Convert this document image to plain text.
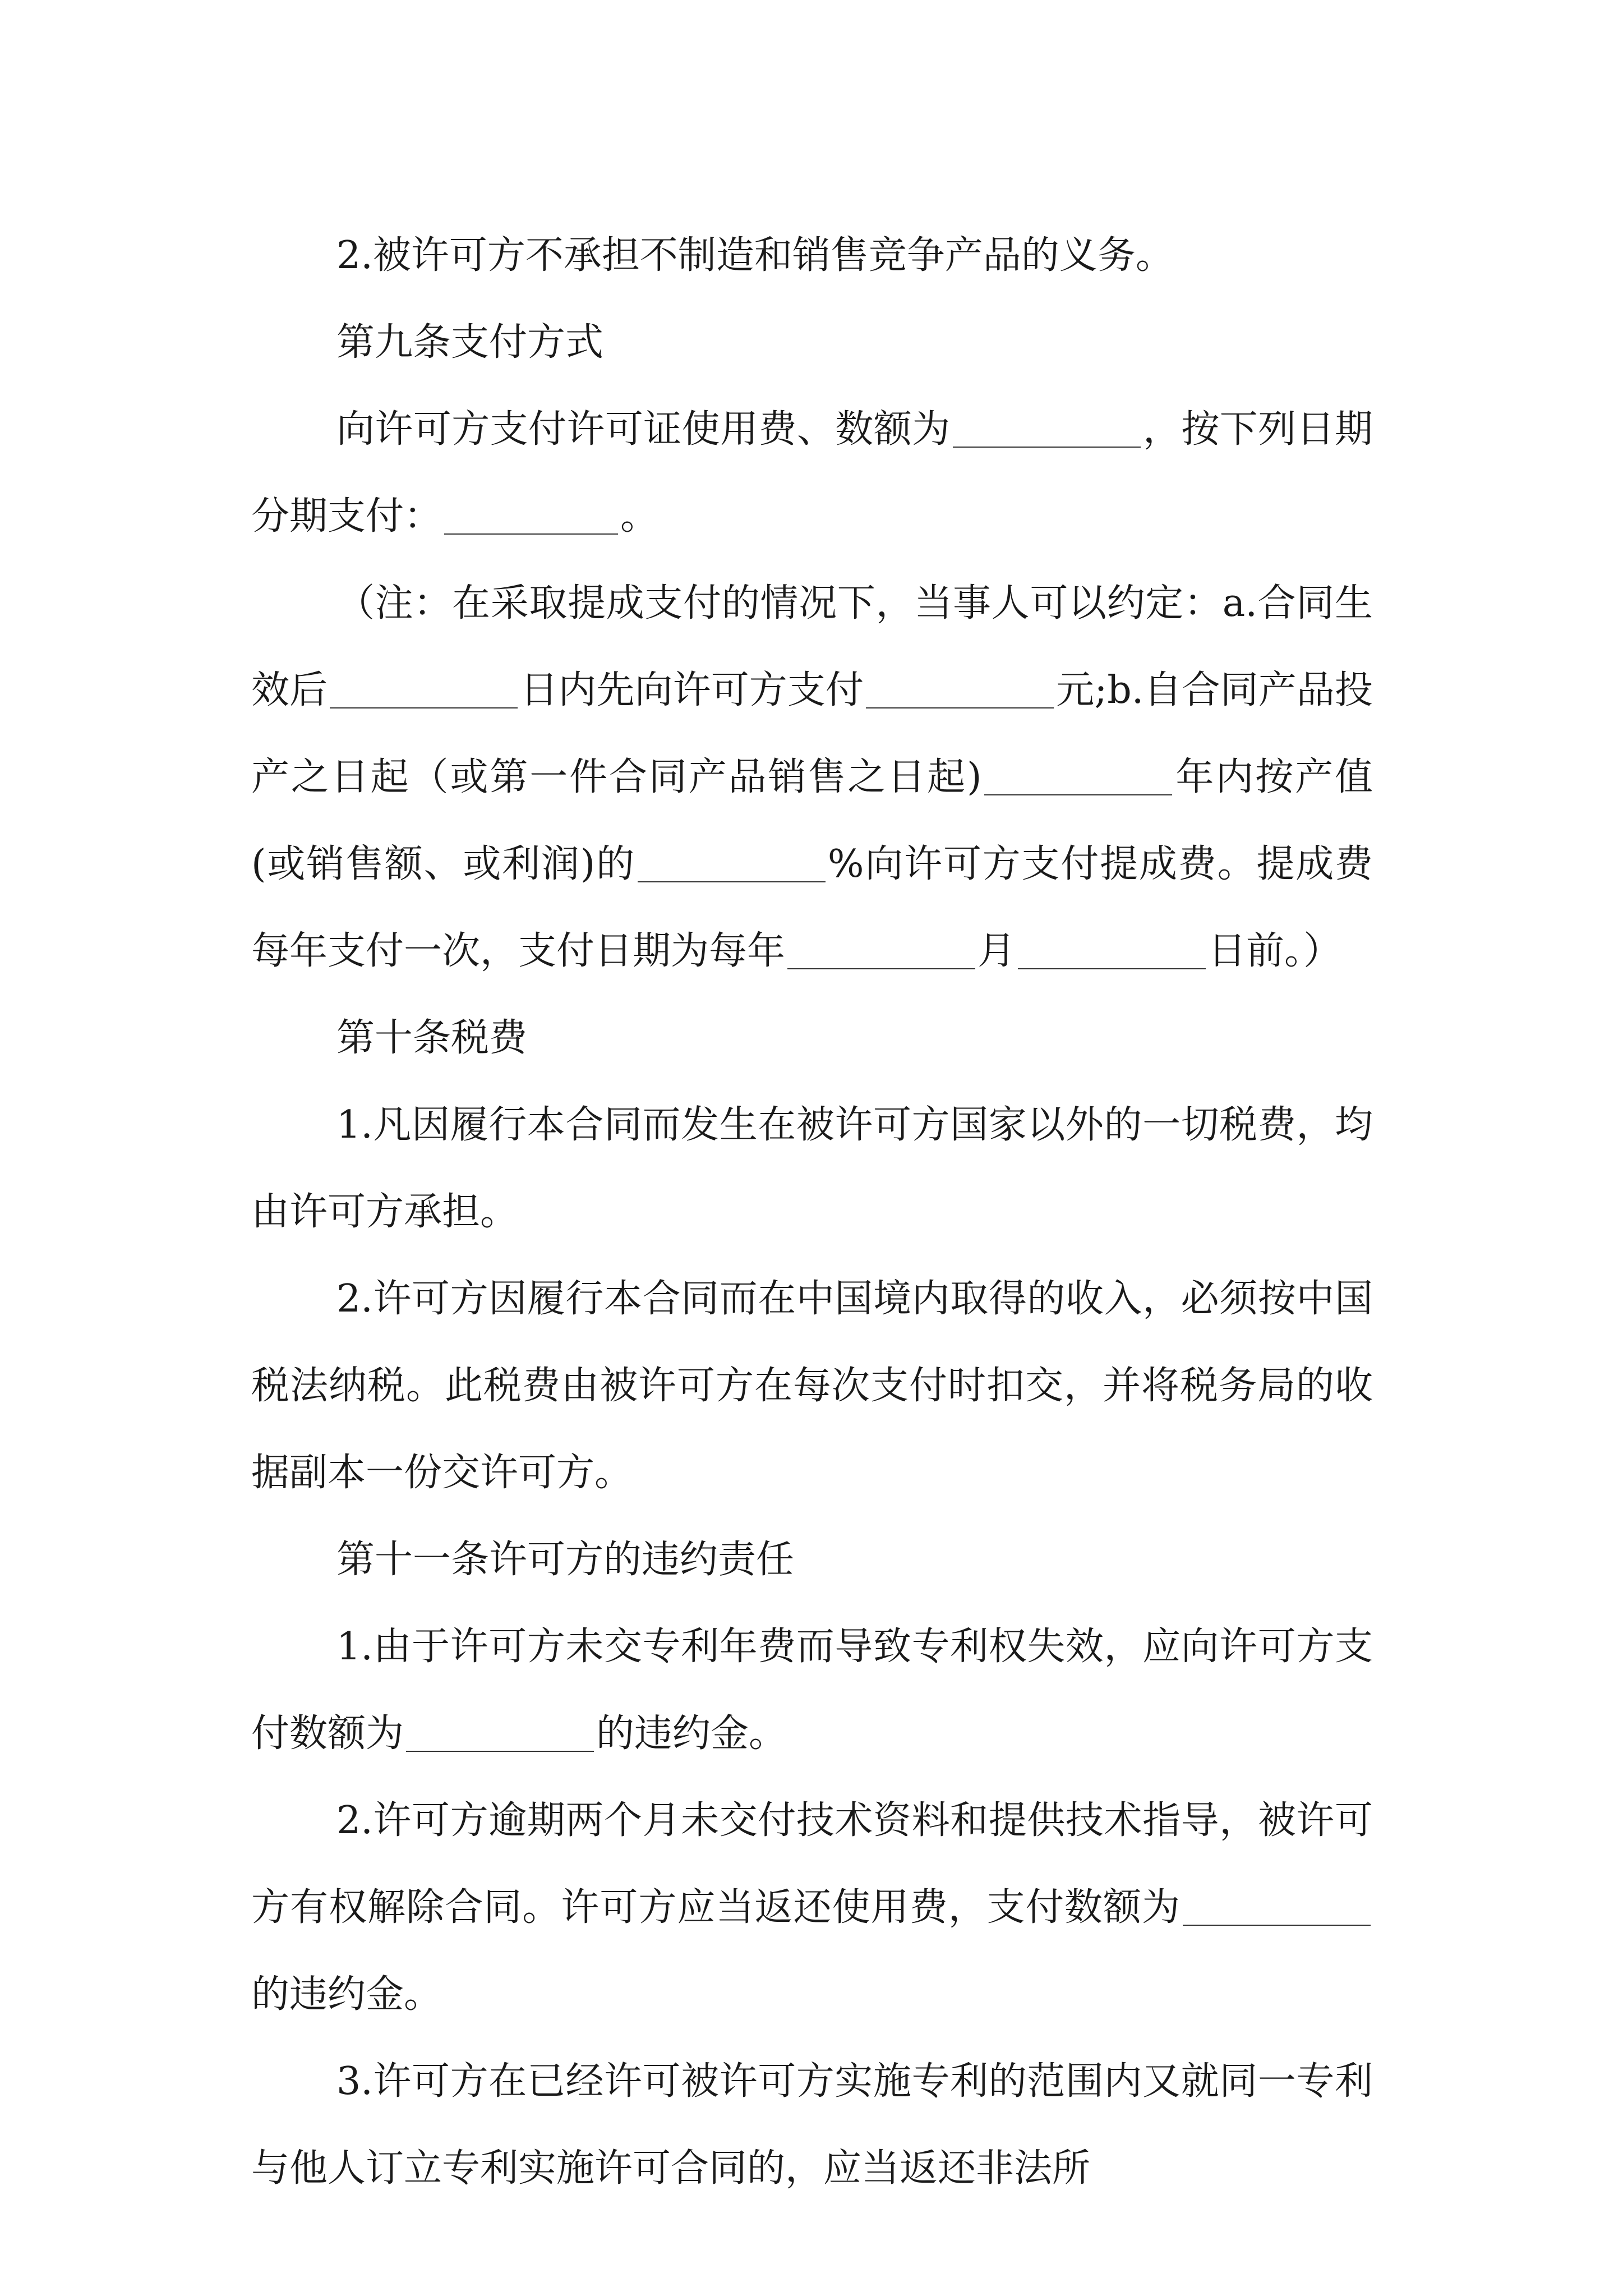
2.被许可方不承担不制造和销售竞争产品的义务。

第九条支付方式

向许可方支付许可证使用费、数额为	，按下列日期分期支付：	。

（注：在采取提成支付的情况下，当事人可以约定：a.合同生效后	日内先向许可方支付	元;b.自合同产品投产之日起（或第一件合同产品销售之日起)	年内按产值(或销售额、或利润)的	%向许可方支付提成费。提成费每年支付一次，支付日期为每年	月	日前。）

第十条税费

1.凡因履行本合同而发生在被许可方国家以外的一切税费，均由许可方承担。

2.许可方因履行本合同而在中国境内取得的收入，必须按中国税法纳税。此税费由被许可方在每次支付时扣交，并将税务局的收据副本一份交许可方。

第十一条许可方的违约责任

1.由于许可方未交专利年费而导致专利权失效，应向许可方支付数额为	的违约金。

2.许可方逾期两个月未交付技术资料和提供技术指导，被许可方有权解除合同。许可方应当返还使用费，支付数额为的违约金。

3.许可方在已经许可被许可方实施专利的范围内又就同一专利与他人订立专利实施许可合同的，应当返还非法所
